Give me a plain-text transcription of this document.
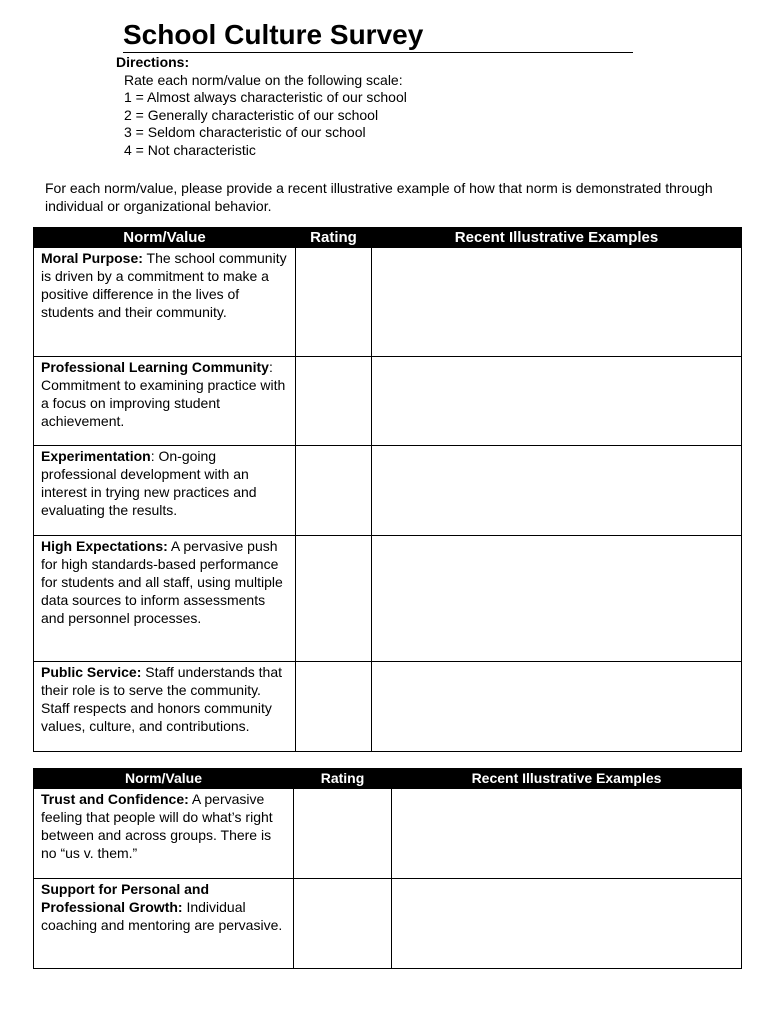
School Culture Survey
Directions:
Rate each norm/value on the following scale:
1 = Almost always characteristic of our school
2 = Generally characteristic of our school
3 = Seldom characteristic of our school
4 = Not characteristic
For each norm/value, please provide a recent illustrative example of how that norm is demonstrated through individual or organizational behavior.
Norm/Value	Rating	Recent Illustrative Examples
Moral Purpose: The school community is driven by a commitment to make a positive difference in the lives of students and their community.		
Professional Learning Community: Commitment to examining practice with a focus on improving student achievement.		
Experimentation: On-going professional development with an interest in trying new practices and evaluating the results.		
High Expectations: A pervasive push for high standards-based performance for students and all staff, using multiple data sources to inform assessments and personnel processes.		
Public Service: Staff understands that their role is to serve the community. Staff respects and honors community values, culture, and contributions.		
Norm/Value	Rating	Recent Illustrative Examples
Trust and Confidence: A pervasive feeling that people will do what’s right between and across groups. There is no “us v. them.”		
Support for Personal and Professional Growth: Individual coaching and mentoring are pervasive.		
